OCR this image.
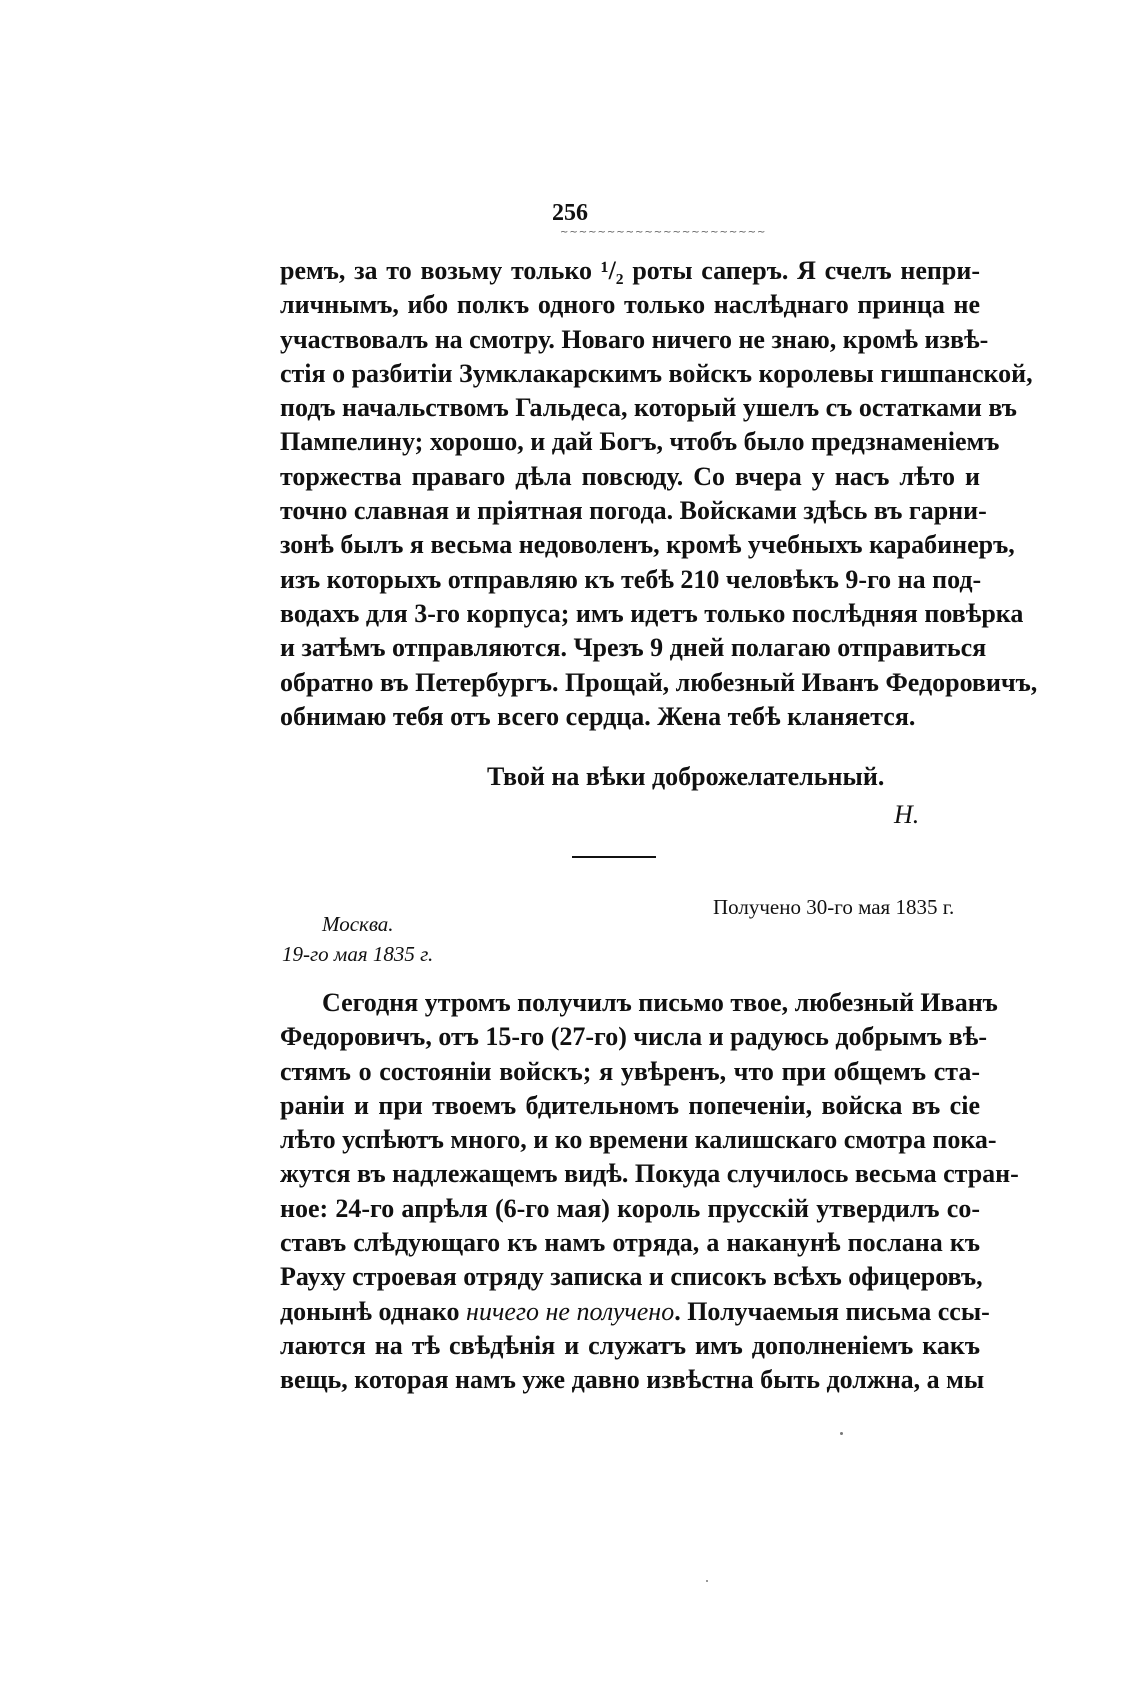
256
~~~~~~~~~~~~~~~~~~~~~~
ремъ, за то возьму только ¹/₂ роты саперъ. Я счелъ непри-
личнымъ, ибо полкъ одного только наслѣднаго принца не
участвовалъ на смотру. Новаго ничего не знаю, кромѣ извѣ-
стія о разбитіи Зумклакарскимъ войскъ королевы гишпанской,
подъ начальствомъ Гальдеса, который ушелъ съ остатками въ
Пампелину; хорошо, и дай Богъ, чтобъ было предзнаменіемъ
торжества праваго дѣла повсюду. Со вчера у насъ лѣто и
точно славная и пріятная погода. Войсками здѣсь въ гарни-
зонѣ былъ я весьма недоволенъ, кромѣ учебныхъ карабинеръ,
изъ которыхъ отправляю къ тебѣ 210 человѣкъ 9-го на под-
водахъ для 3-го корпуса; имъ идетъ только послѣдняя повѣрка
и затѣмъ отправляются. Чрезъ 9 дней полагаю отправиться
обратно въ Петербургъ. Прощай, любезный Иванъ Федоровичъ,
обнимаю тебя отъ всего сердца. Жена тебѣ кланяется.
Твой на вѣки доброжелательный.
Н.
Получено 30-го мая 1835 г.
Москва.
19-го мая 1835 г.
Сегодня утромъ получилъ письмо твое, любезный Иванъ
Федоровичъ, отъ 15-го (27-го) числа и радуюсь добрымъ вѣ-
стямъ о состояніи войскъ; я увѣренъ, что при общемъ ста-
раніи и при твоемъ бдительномъ попеченіи, войска въ сіе
лѣто успѣютъ много, и ко времени калишскаго смотра пока-
жутся въ надлежащемъ видѣ. Покуда случилось весьма стран-
ное: 24-го апрѣля (6-го мая) король прусскій утвердилъ со-
ставъ слѣдующаго къ намъ отряда, а наканунѣ послана къ
Рауху строевая отряду записка и списокъ всѣхъ офицеровъ,
донынѣ однако ничего не получено. Получаемыя письма ссы-
лаются на тѣ свѣдѣнія и служатъ имъ дополненіемъ какъ
вещь, которая намъ уже давно извѣстна быть должна, а мы
